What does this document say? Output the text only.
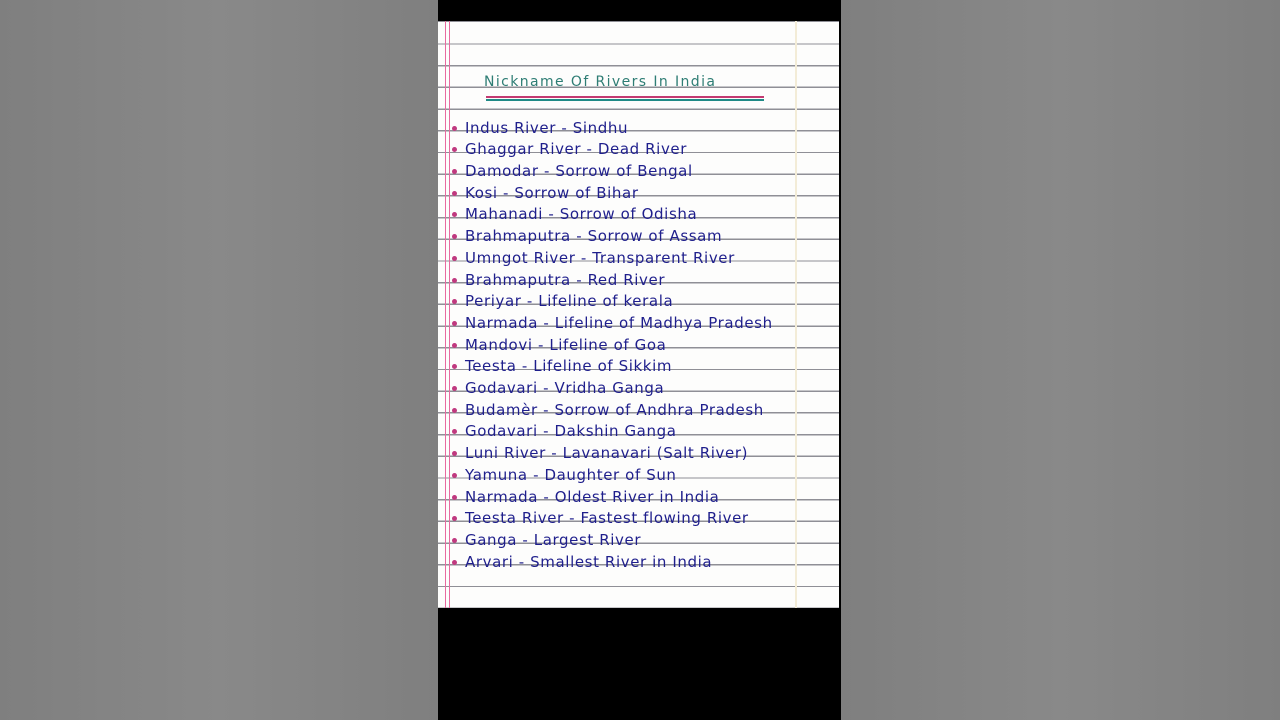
Nickname Of Rivers In India
Indus River - Sindhu
Ghaggar River - Dead River
Damodar - Sorrow of Bengal
Kosi - Sorrow of Bihar
Mahanadi - Sorrow of Odisha
Brahmaputra - Sorrow of Assam
Umngot River - Transparent River
Brahmaputra - Red River
Periyar - Lifeline of kerala
Narmada - Lifeline of Madhya Pradesh
Mandovi - Lifeline of Goa
Teesta - Lifeline of Sikkim
Godavari - Vridha Ganga
Budamèr - Sorrow of Andhra Pradesh
Godavari - Dakshin Ganga
Luni River - Lavanavari (Salt River)
Yamuna - Daughter of Sun
Narmada - Oldest River in India
Teesta River - Fastest flowing River
Ganga - Largest River
Arvari - Smallest River in India
